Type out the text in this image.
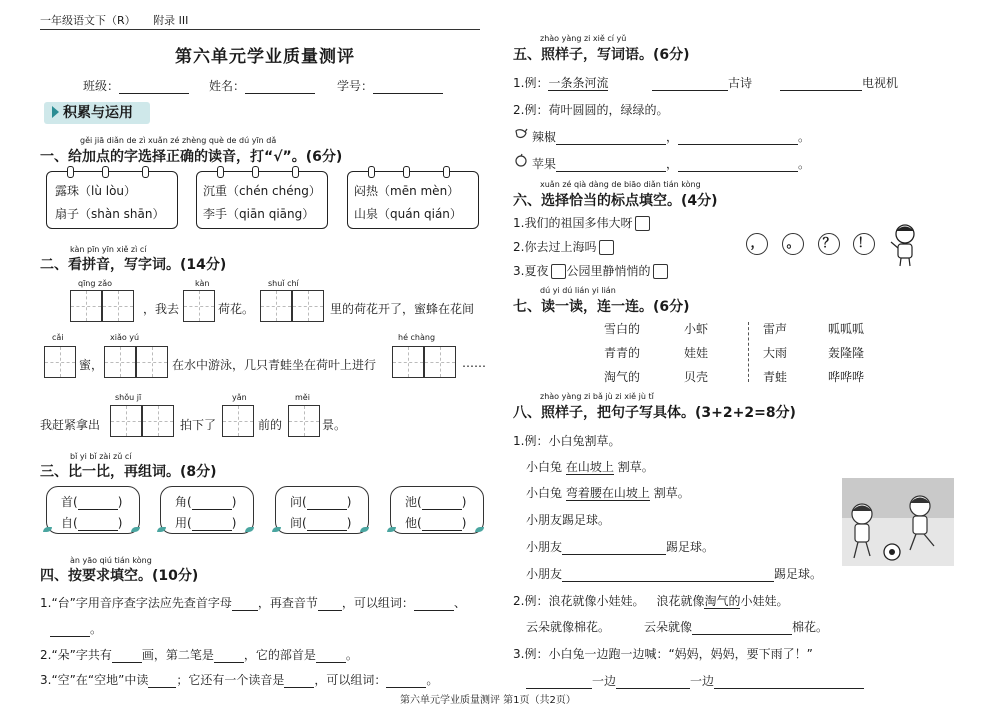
一年级语文下（R） 附录 III
第六单元学业质量测评
班级：	姓名：	学号：
积累与运用
gěi jiā diǎn de zì xuǎn zé zhèng què de dú yīn dǎ
一、给加点的字选择正确的读音，打“√”。(6分)
露珠（lù lòu）
扇子（shàn shān）
沉重（chén chéng）
李手（qiān qiāng）
闷热（mēn mèn）
山泉（quán qián）
kàn pīn yīn xiě zì cí
二、看拼音，写字词。(14分)
qīng zǎo	kàn	shuǐ chí
，我去	荷花。	里的荷花开了，蜜蜂在花间
cǎi	xiǎo yú	hé chàng
蜜，	在水中游泳，几只青蛙坐在荷叶上进行	……
shǒu jī	yǎn	měi
我赶紧拿出	拍下了	前的	景。
bǐ yi bǐ zài zǔ cí
三、比一比，再组词。(8分)
首(	)
自(	)
角(	)
用(	)
问(	)
间(	)
池(	)
他(	)
àn yāo qiú tián kòng
四、按要求填空。(10分)
1.“台”字用音序查字法应先查首字母 ，再查音节 ，可以组词：	、
。
2.“朵”字共有	画，第二笔是	，它的部首是	。
3.“空”在“空地”中读 ；它还有一个读音是	，可以组词：	。
zhào yàng zi xiě cí yǔ
五、照样子，写词语。(6分)
1.例：一条条河流	古诗	电视机
2.例：荷叶圆圆的，绿绿的。
辣椒	，	。
苹果	，	。
xuǎn zé qià dàng de biāo diǎn tián kòng
六、选择恰当的标点填空。(4分)
1.我们的祖国多伟大呀
2.你去过上海吗
3.夏夜 公园里静悄悄的
，	。	？	！
dú yi dú lián yi lián
七、读一读，连一连。(6分)
雪白的	小虾
青青的	娃娃
淘气的	贝壳
雷声	呱呱呱
大雨	轰隆隆
青蛙	哗哗哗
zhào yàng zi bǎ jù zi xiě jù tǐ
八、照样子，把句子写具体。(3+2+2=8分)
1.例：小白兔割草。
小白兔 在山坡上 割草。
小白兔 弯着腰在山坡上 割草。
小朋友踢足球。
小朋友	踢足球。
小朋友	踢足球。
2.例：浪花就像小娃娃。 浪花就像淘气的小娃娃。
云朵就像棉花。	云朵就像	棉花。
3.例：小白兔一边跑一边喊：“妈妈，妈妈，要下雨了！”
一边	一边
第六单元学业质量测评 第1页（共2页）
